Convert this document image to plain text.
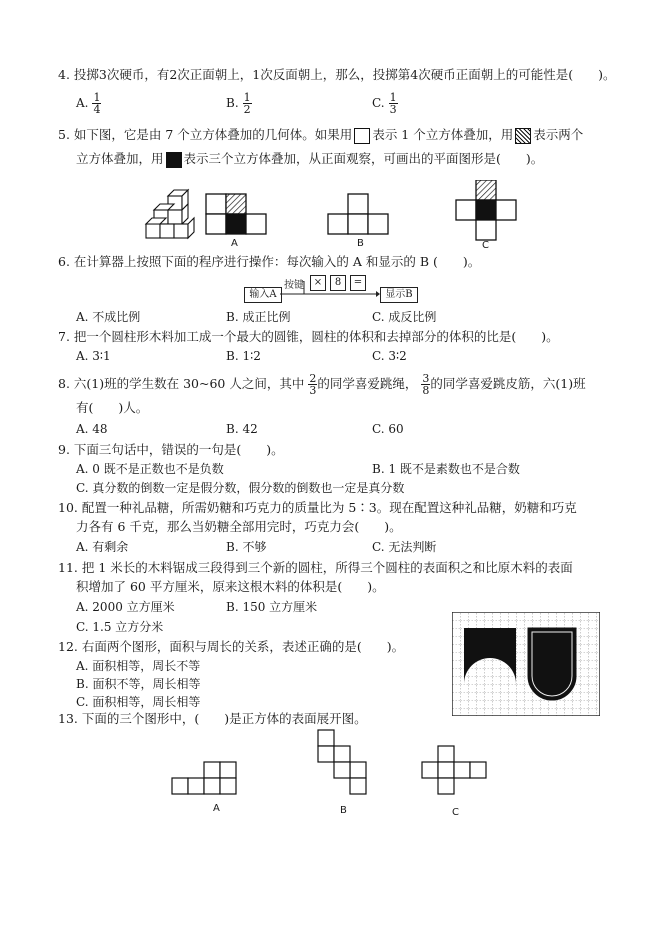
4. 投掷3次硬币，有2次正面朝上，1次反面朝上，那么，投掷第4次硬币正面朝上的可能性是(　　)。
A. $\frac{1}{4}$	B. $\frac{1}{2}$	C. $\frac{1}{3}$
5. 如下图，它是由 7 个立方体叠加的几何体。如果用 表示 1 个立方体叠加，用 表示两个
立方体叠加，用 表示三个立方体叠加，从正面观察，可画出的平面图形是(　　)。
A	B	C
6. 在计算器上按照下面的程序进行操作：每次输入的 A 和显示的 B (　　)。
输入A
按键 ×	8	=
显示B
A. 不成比例	B. 成正比例	C. 成反比例
7. 把一个圆柱形木料加工成一个最大的圆锥，圆柱的体积和去掉部分的体积的比是(　　)。
A. 3∶1	B. 1∶2	C. 3∶2
8. 六(1)班的学生数在 30~60 人之间，其中 $\frac{2}{3}$ 的同学喜爱跳绳， $\frac{3}{8}$ 的同学喜爱跳皮筋，六(1)班
有(　　)人。
A. 48	B. 42	C. 60
9. 下面三句话中，错误的一句是(　　)。
A. 0 既不是正数也不是负数	B. 1 既不是素数也不是合数
C. 真分数的倒数一定是假分数，假分数的倒数也一定是真分数
10. 配置一种礼品糖，所需奶糖和巧克力的质量比为 5∶3。现在配置这种礼品糖，奶糖和巧克
力各有 6 千克，那么当奶糖全部用完时，巧克力会(　　)。
A. 有剩余	B. 不够	C. 无法判断
11. 把 1 米长的木料锯成三段得到三个新的圆柱，所得三个圆柱的表面积之和比原木料的表面
积增加了 60 平方厘米，原来这根木料的体积是(　　)。
A. 2000 立方厘米	B. 150 立方厘米
C. 1.5 立方分米
12. 右面两个图形，面积与周长的关系，表述正确的是(　　)。
A. 面积相等，周长不等
B. 面积不等，周长相等
C. 面积相等，周长相等
13. 下面的三个图形中，(　　)是正方体的表面展开图。
A	B	C
